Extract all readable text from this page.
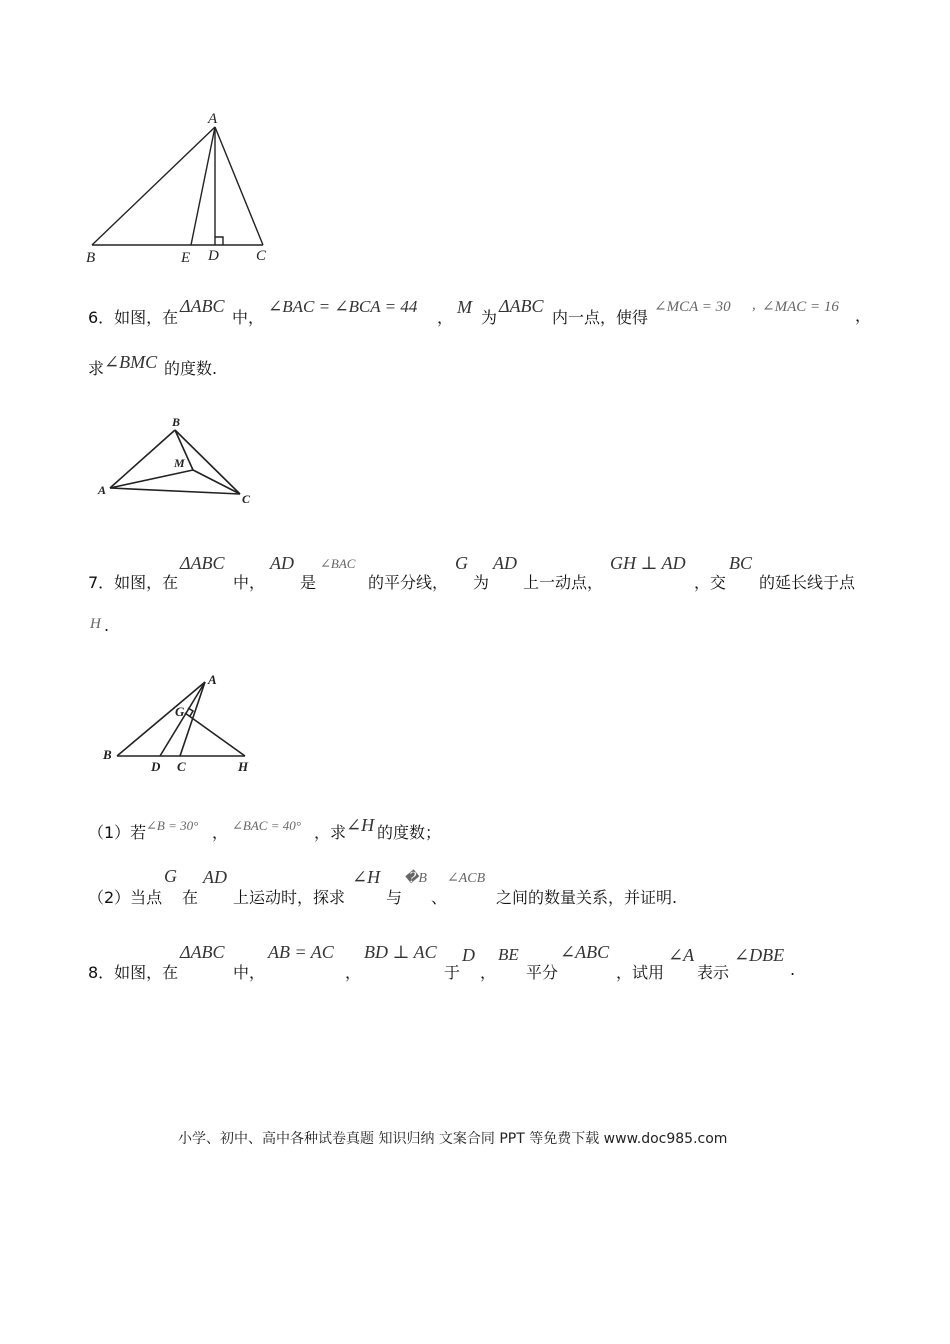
A
B	E D C
6．如图，在
ΔABC
中，
∠BAC = ∠BCA = 44
，
M
为
ΔABC
内一点，使得
∠MCA = 30 , ∠MAC = 16 ，
求 ∠BMC 的度数.
B
M
A
C
7．如图，在
ΔABC
中，
AD
是
∠BAC
的平分线，
G
为
AD
上一动点，
GH ⊥ AD
，交
BC
的延长线于点
H .
A
G
B
D C	H
（1）若 ∠B = 30° ， ∠BAC = 40° ，求 ∠H 的度数；
（2）当点
G
在
AD
上运动时，探求
∠H
与
�B
、
∠ACB
之间的数量关系，并证明.
8．如图，在
ΔABC
中，
AB = AC
，
BD ⊥ AC
于
D
，
BE
平分
∠ABC
，试用
∠A
表示
∠DBE
.
小学、初中、高中各种试卷真题 知识归纳 文案合同 PPT 等免费下载 www.doc985.com
